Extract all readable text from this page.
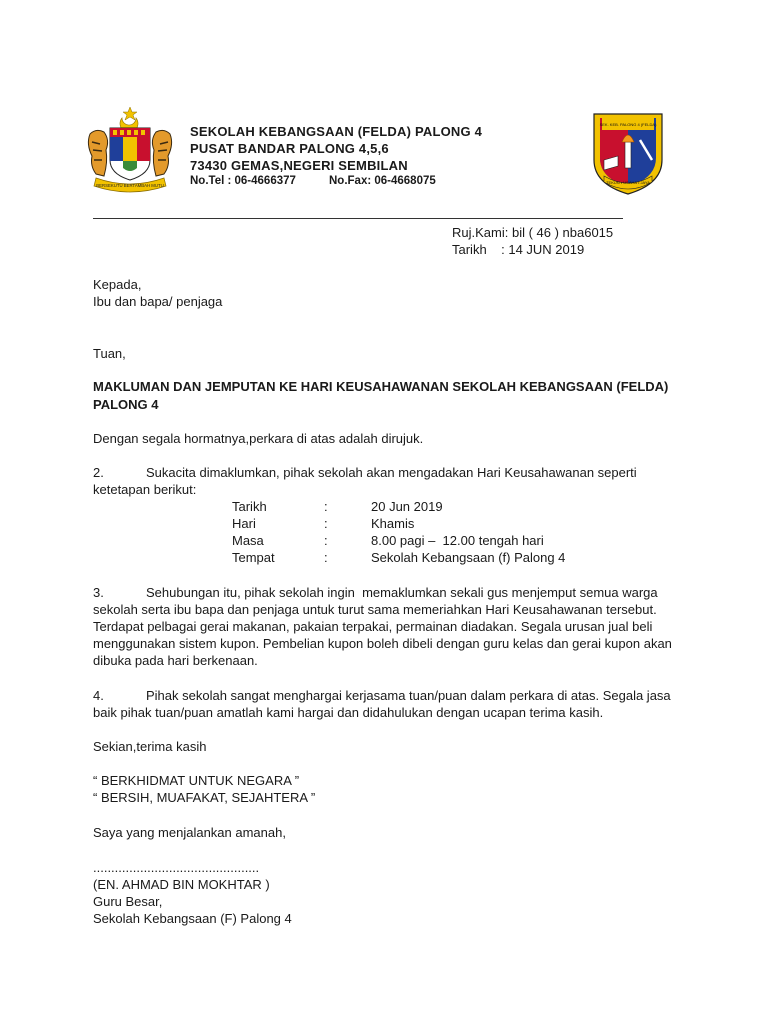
BERSEKUTU BERTAMBAH MUTU
SEKOLAH KEBANGSAAN (FELDA) PALONG 4
PUSAT BANDAR PALONG 4,5,6
73430 GEMAS,NEGERI SEMBILAN
No.Tel : 06-4666377	No.Fax: 06-4668075
SEK. KEB. PALONG 4 (FELDA)
TEKUN • USAHA • JAYA
Ruj.Kami: bil ( 46 ) nba6015
Tarikh    : 14 JUN 2019
Kepada,
Ibu dan bapa/ penjaga
Tuan,
MAKLUMAN DAN JEMPUTAN KE HARI KEUSAHAWANAN SEKOLAH KEBANGSAAN (FELDA)
PALONG 4
Dengan segala hormatnya,perkara di atas adalah dirujuk.
2.	Sukacita dimaklumkan, pihak sekolah akan mengadakan Hari Keusahawanan seperti
ketetapan berikut:
Tarikh	:	20 Jun 2019
Hari	:	Khamis
Masa	:	8.00 pagi –  12.00 tengah hari
Tempat	:	Sekolah Kebangsaan (f) Palong 4
3.	Sehubungan itu, pihak sekolah ingin  memaklumkan sekali gus menjemput semua warga
sekolah serta ibu bapa dan penjaga untuk turut sama memeriahkan Hari Keusahawanan tersebut.
Terdapat pelbagai gerai makanan, pakaian terpakai, permainan diadakan. Segala urusan jual beli
menggunakan sistem kupon. Pembelian kupon boleh dibeli dengan guru kelas dan gerai kupon akan
dibuka pada hari berkenaan.
4.	Pihak sekolah sangat menghargai kerjasama tuan/puan dalam perkara di atas. Segala jasa
baik pihak tuan/puan amatlah kami hargai dan didahulukan dengan ucapan terima kasih.
Sekian,terima kasih
“ BERKHIDMAT UNTUK NEGARA ”
“ BERSIH, MUAFAKAT, SEJAHTERA ”
Saya yang menjalankan amanah,
..............................................
(EN. AHMAD BIN MOKHTAR )
Guru Besar,
Sekolah Kebangsaan (F) Palong 4
